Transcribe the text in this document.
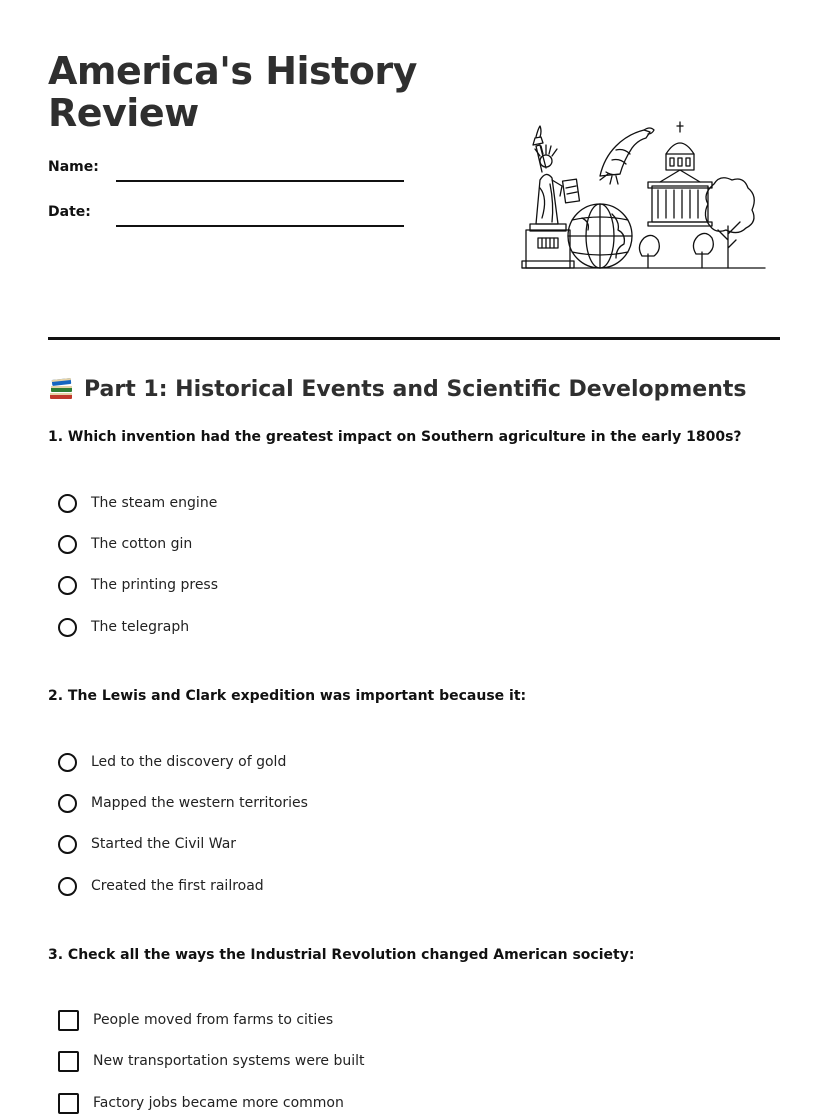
America's History
Review
Name:
Date:
Part 1: Historical Events and Scientific Developments
1. Which invention had the greatest impact on Southern agriculture in the early 1800s?
The steam engine
The cotton gin
The printing press
The telegraph
2. The Lewis and Clark expedition was important because it:
Led to the discovery of gold
Mapped the western territories
Started the Civil War
Created the first railroad
3. Check all the ways the Industrial Revolution changed American society:
People moved from farms to cities
New transportation systems were built
Factory jobs became more common
